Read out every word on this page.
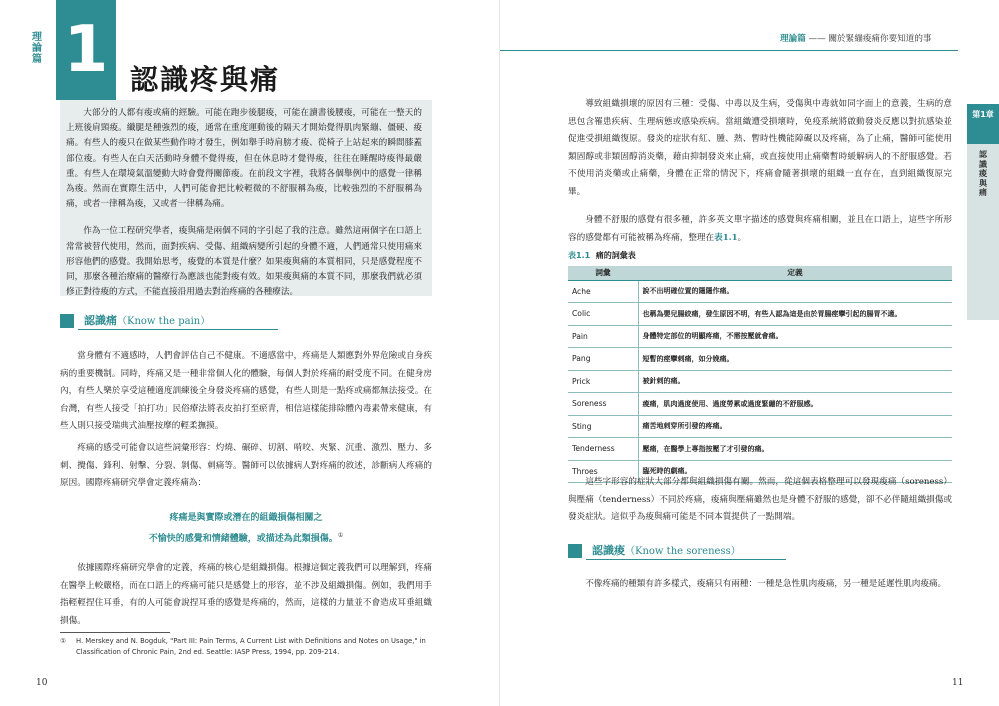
理論篇 1 認識疼與痛

大部分的人都有痠或痛的經驗。可能在跑步後腿痠，可能在讀書後腰痠，可能在一整天的上班後肩頸痠。纖腿是種強烈的痠，通常在重度運動後的隔天才開始覺得肌肉緊繃、僵硬、痠痛。有些人的痠只在做某些動作時才發生，例如舉手時肩膀才痠、從椅子上站起來的瞬間膝蓋部位痠。有些人在白天活動時身體不覺得痠，但在休息時才覺得痠，往往在睡醒時痠得最嚴重。有些人在環境氣溫變動大時會覺得關節痠。在前段文字裡，我將各個舉例中的感覺一律稱為痠。然而在實際生活中，人們可能會把比較輕微的不舒服稱為痠，比較強烈的不舒服稱為痛，或者一律稱為痠，又或者一律稱為痛。

作為一位工程研究學者，痠與痛是兩個不同的字引起了我的注意。雖然這兩個字在口語上常常被替代使用，然而，面對疾病、受傷、組織病變所引起的身體不適，人們通常只使用痛來形容他們的感覺。我開始思考，痠覺的本質是什麼？如果痠與痛的本質相同，只是感覺程度不同，那麼各種治療痛的醫療行為應該也能對痠有效。如果痠與痛的本質不同，那麼我們就必須修正對待痠的方式，不能直接沿用過去對治疼痛的各種療法。

認識痛（Know the pain）
當身體有不適感時，人們會評估自己不健康。不適感當中，疼痛是人類應對外界危險或自身疾病的重要機制。同時，疼痛又是一種非常個人化的體驗，每個人對於疼痛的耐受度不同。在健身房內，有些人樂於享受這種適度訓練後全身發炎疼痛的感覺，有些人則是一點疼或痛都無法接受。在台灣，有些人接受「拍打功」民俗療法將表皮拍打至瘀青，相信這樣能排除體內毒素帶來健康，有些人則只接受瑞典式油壓按摩的輕柔撫摸。
疼痛的感受可能會以這些詞彙形容：灼燒、碾碎、切割、啃咬、夾緊、沉重、激烈、壓力、多刺、攪傷、鋒利、射擊、分裂、剝傷、刺痛等。醫師可以依據病人對疼痛的敘述，診斷病人疼痛的原因。國際疼痛研究學會定義疼痛為：
疼痛是與實際或潛在的組織損傷相關之
不愉快的感覺和情緒體驗，或描述為此類損傷。①
依據國際疼痛研究學會的定義，疼痛的核心是組織損傷。根據這個定義我們可以理解到，疼痛在醫學上較嚴格，而在口語上的疼痛可能只是感覺上的形容，並不涉及組織損傷。例如，我們用手指輕輕捏住耳垂，有的人可能會說捏耳垂的感覺是疼痛的，然而，這樣的力量並不會造成耳垂組織損傷。
①	H. Merskey and N. Bogduk, "Part III: Pain Terms, A Current List with Definitions and Notes on Usage," in Classification of Chronic Pain, 2nd ed. Seattle: IASP Press, 1994, pp. 209-214.
10
理論篇 —— 關於緊繃痠痛你要知道的事
第1章
認識痠與痛
導致組織損壞的原因有三種：受傷、中毒以及生病，受傷與中毒就如同字面上的意義，生病的意思包含罹患疾病、生理病態或感染疾病。當組織遭受損壞時，免疫系統將啟動發炎反應以對抗感染並促進受損組織復原。發炎的症狀有紅、腫、熱、暫時性機能障礙以及疼痛，為了止痛，醫師可能使用類固醇或非類固醇消炎藥，藉由抑制發炎來止痛，或直接使用止痛藥暫時緩解病人的不舒服感覺。若不使用消炎藥或止痛藥，身體在正常的情況下，疼痛會隨著損壞的組織一直存在，直到組織復原完畢。
身體不舒服的感覺有很多種，許多英文單字描述的感覺與疼痛相關，並且在口語上，這些字所形容的感覺都有可能被稱為疼痛，整理在表1.1。
表1.1 痛的詞彙表
詞彙	定義
Ache	說不出明確位置的隱隱作痛。
Colic	也稱為嬰兒腸絞痛，發生原因不明，有些人認為這是由於胃腸痙攣引起的腸胃不適。
Pain	身體特定部位的明顯疼痛，不需按壓就會痛。
Pang	短暫的痙攣刺痛，如分娩痛。
Prick	被針刺的痛。
Soreness	痠痛，肌肉過度使用、過度勞累或過度緊繃的不舒服感。
Sting	痛苦地刺穿所引發的疼痛。
Tenderness	壓痛，在醫學上專指按壓了才引發的痛。
Throes	臨死時的劇痛。
這些字形容的症狀大部分都與組織損傷有關。然而，從這個表格整理可以發現痠痛（soreness）與壓痛（tenderness）不同於疼痛，痠痛與壓痛雖然也是身體不舒服的感覺，卻不必伴隨組織損傷或發炎症狀。這似乎為痠與痛可能是不同本質提供了一點開端。
認識痠（Know the soreness）
不像疼痛的種類有許多樣式，痠痛只有兩種：一種是急性肌肉痠痛，另一種是延遲性肌肉痠痛。
11
